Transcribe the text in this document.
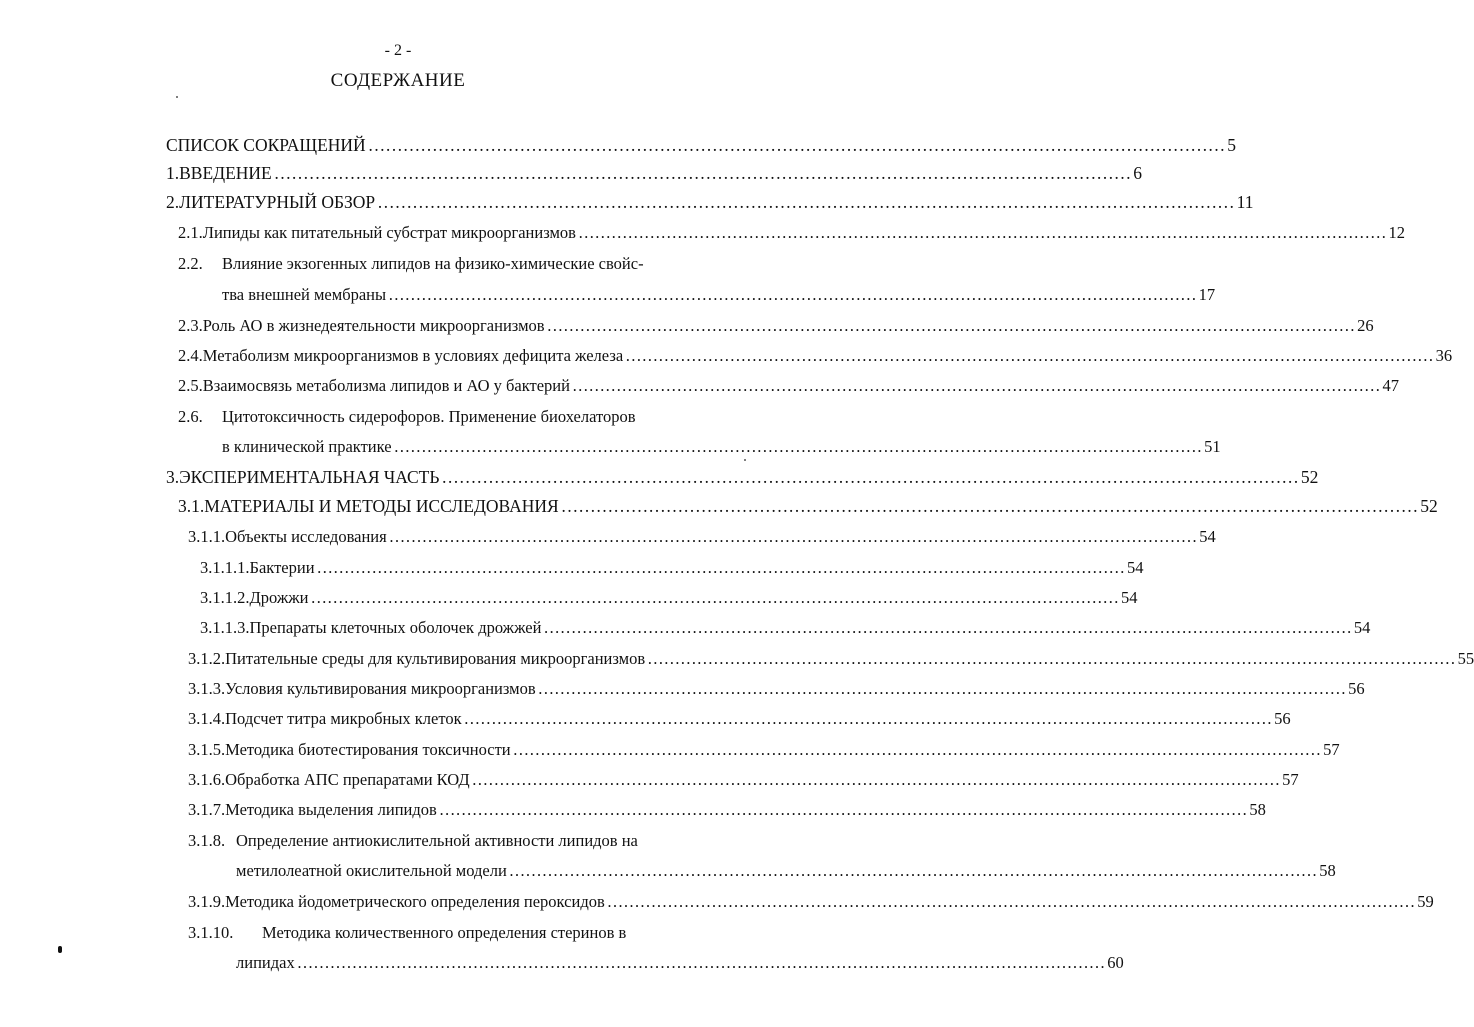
- 2 -
СОДЕРЖАНИЕ
СПИСОК СОКРАЩЕНИЙ …………………………………………………………………………………………………………………………………	5
1. ВВЕДЕНИЕ …………………………………………………………………………………………………………………………………	6
2. ЛИТЕРАТУРНЫЙ ОБЗОР …………………………………………………………………………………………………………………………………	11
2.1. Липиды как питательный субстрат микроорганизмов …………………………………………………………………………………………………………………………………	12
2.2. Влияние экзогенных липидов на физико-химические свойс-
тва внешней мембраны …………………………………………………………………………………………………………………………………	17
2.3. Роль АО в жизнедеятельности микроорганизмов …………………………………………………………………………………………………………………………………	26
2.4. Метаболизм микроорганизмов в условиях дефицита железа …………………………………………………………………………………………………………………………………	36
2.5. Взаимосвязь метаболизма липидов и АО у бактерий …………………………………………………………………………………………………………………………………	47
2.6. Цитотоксичность сидерофоров. Применение биохелаторов
в клинической практике …………………………………………………………………………………………………………………………………	51
3. ЭКСПЕРИМЕНТАЛЬНАЯ ЧАСТЬ …………………………………………………………………………………………………………………………………	52
3.1. МАТЕРИАЛЫ И МЕТОДЫ ИССЛЕДОВАНИЯ …………………………………………………………………………………………………………………………………	52
3.1.1. Объекты исследования …………………………………………………………………………………………………………………………………	54
3.1.1.1. Бактерии …………………………………………………………………………………………………………………………………	54
3.1.1.2. Дрожжи …………………………………………………………………………………………………………………………………	54
3.1.1.3. Препараты клеточных оболочек дрожжей …………………………………………………………………………………………………………………………………	54
3.1.2. Питательные среды для культивирования микроорганизмов …………………………………………………………………………………………………………………………………	55
3.1.3. Условия культивирования микроорганизмов …………………………………………………………………………………………………………………………………	56
3.1.4. Подсчет титра микробных клеток …………………………………………………………………………………………………………………………………	56
3.1.5. Методика биотестирования токсичности …………………………………………………………………………………………………………………………………	57
3.1.6. Обработка АПС препаратами КОД …………………………………………………………………………………………………………………………………	57
3.1.7. Методика выделения липидов …………………………………………………………………………………………………………………………………	58
3.1.8. Определение антиокислительной активности липидов на
метилолеатной окислительной модели …………………………………………………………………………………………………………………………………	58
3.1.9. Методика йодометрического определения пероксидов …………………………………………………………………………………………………………………………………	59
3.1.10. Методика количественного определения стеринов в
липидах …………………………………………………………………………………………………………………………………	60
